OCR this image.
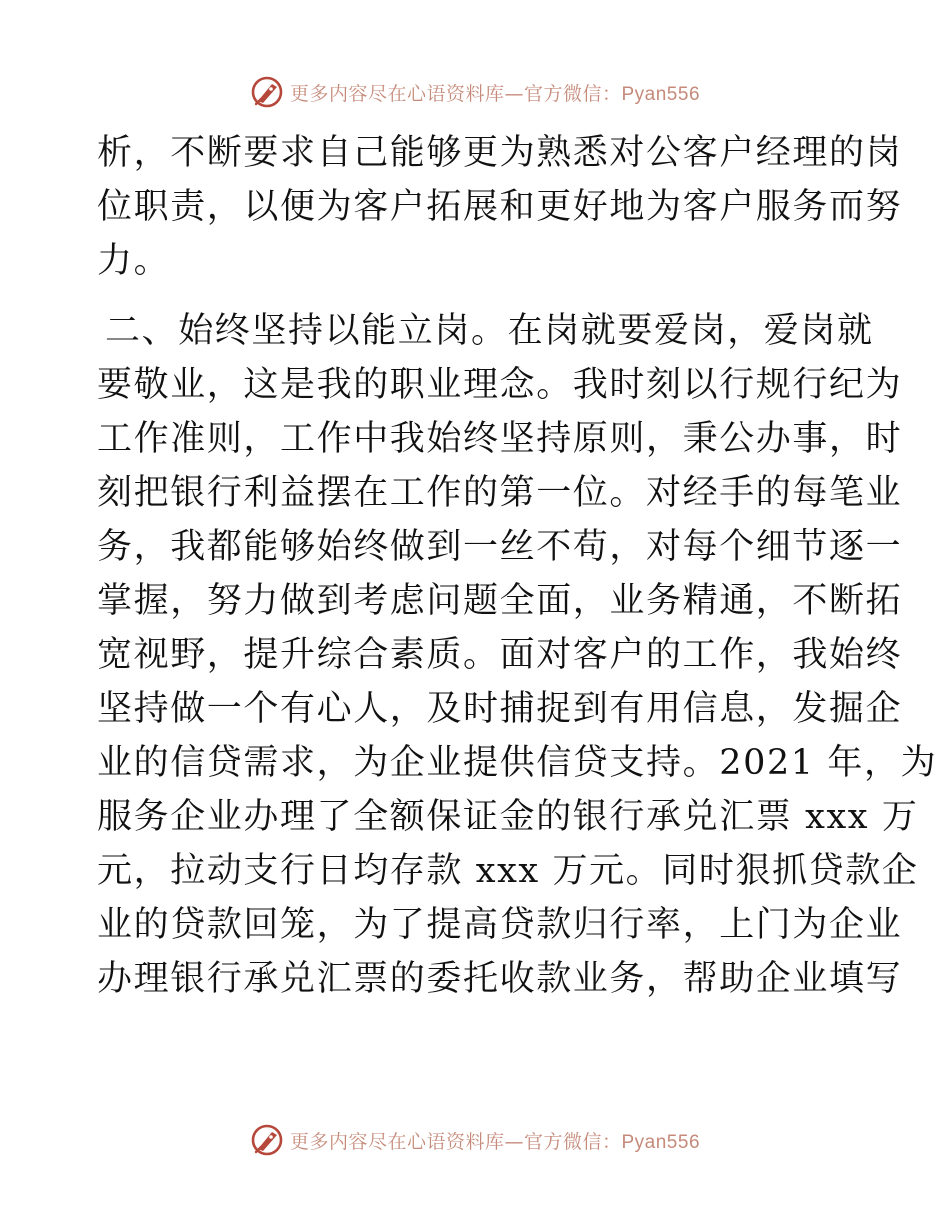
更多内容尽在心语资料库—官方微信：Pyan556
析，不断要求自己能够更为熟悉对公客户经理的岗
位职责，以便为客户拓展和更好地为客户服务而努
力。
二、始终坚持以能立岗。在岗就要爱岗，爱岗就
要敬业，这是我的职业理念。我时刻以行规行纪为
工作准则，工作中我始终坚持原则，秉公办事，时
刻把银行利益摆在工作的第一位。对经手的每笔业
务，我都能够始终做到一丝不苟，对每个细节逐一
掌握，努力做到考虑问题全面，业务精通，不断拓
宽视野，提升综合素质。面对客户的工作，我始终
坚持做一个有心人，及时捕捉到有用信息，发掘企
业的信贷需求，为企业提供信贷支持。2021 年，为
服务企业办理了全额保证金的银行承兑汇票 xxx 万
元，拉动支行日均存款 xxx 万元。同时狠抓贷款企
业的贷款回笼，为了提高贷款归行率，上门为企业
办理银行承兑汇票的委托收款业务，帮助企业填写
更多内容尽在心语资料库—官方微信：Pyan556
